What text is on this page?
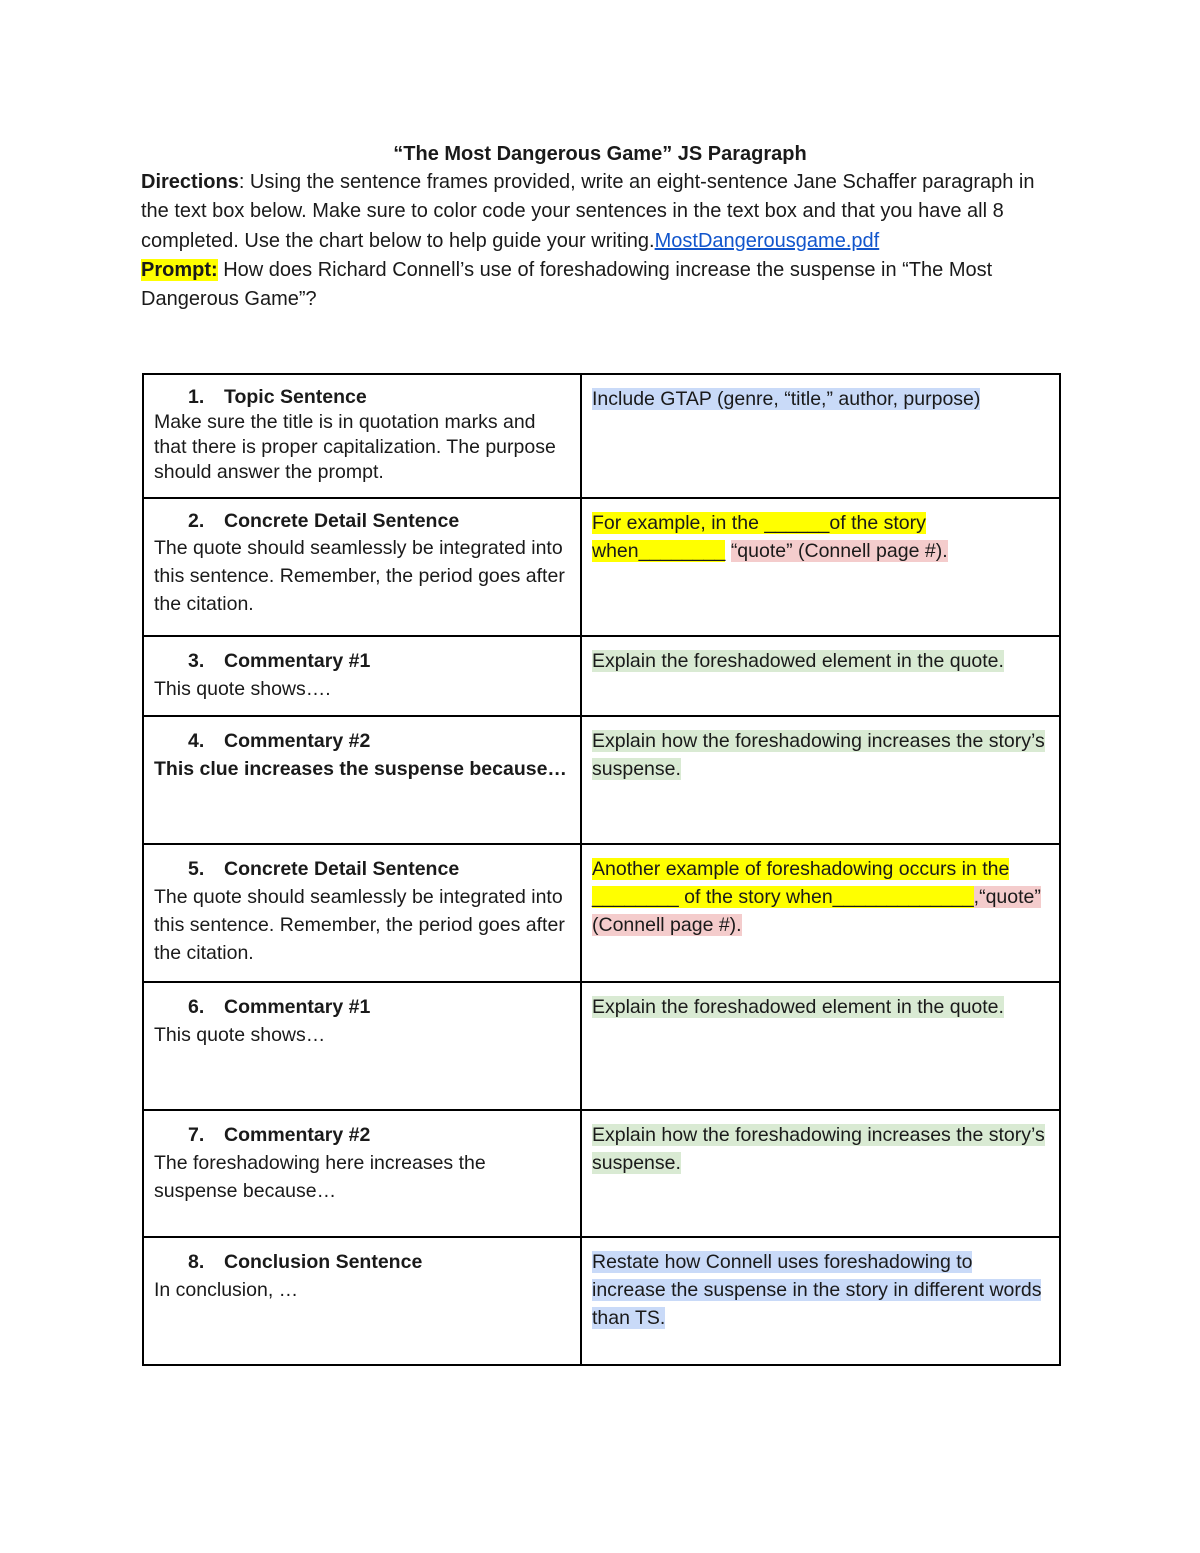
“The Most Dangerous Game” JS Paragraph
Directions: Using the sentence frames provided, write an eight-sentence Jane Schaffer paragraph in the text box below. Make sure to color code your sentences in the text box and that you have all 8 completed. Use the chart below to help guide your writing.MostDangerousgame.pdf
Prompt: How does Richard Connell’s use of foreshadowing increase the suspense in “The Most Dangerous Game”?
1. Topic Sentence
Make sure the title is in quotation marks and that there is proper capitalization. The purpose should answer the prompt.	Include GTAP (genre, “title,” author, purpose)

2. Concrete Detail Sentence
The quote should seamlessly be integrated into this sentence. Remember, the period goes after the citation.	For example, in the ______of the story when________ “quote” (Connell page #).

3. Commentary #1
This quote shows….	Explain the foreshadowed element in the quote.

4. Commentary #2
This clue increases the suspense because…	Explain how the foreshadowing increases the story’s suspense.

5. Concrete Detail Sentence
The quote should seamlessly be integrated into this sentence. Remember, the period goes after the citation.	Another example of foreshadowing occurs in the ________ of the story when_____________,“quote” (Connell page #).

6. Commentary #1
This quote shows…	Explain the foreshadowed element in the quote.

7. Commentary #2
The foreshadowing here increases the suspense because…	Explain how the foreshadowing increases the story’s suspense.

8. Conclusion Sentence
In conclusion, …	Restate how Connell uses foreshadowing to increase the suspense in the story in different words than TS.
